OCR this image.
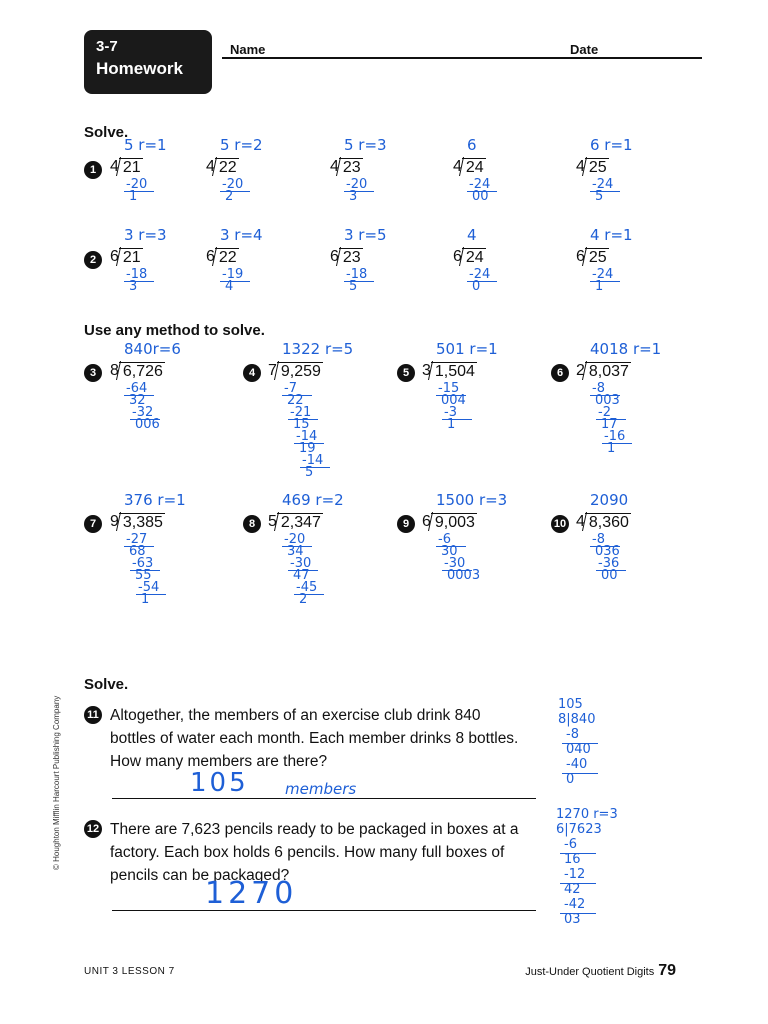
3-7
Homework
Name	Date
Solve.
1
2
5 r=1
4 21
-20
1
5 r=2
4 22
-20
2
5 r=3
4 23
-20
3
6
4 24
-24
00
6 r=1
4 25
-24
5
3 r=3
6 21
-18
3
3 r=4
6 22
-19
4
3 r=5
6 23
-18
5
4
6 24
-24
0
4 r=1
6 25
-24
1
Use any method to solve.
3
840r=6
8 6,726
-64
32
-32
006
4
1322 r=5
7 9,259
-7
22
-21
15
-14
19
-14
5
5
501 r=1
3 1,504
-15
004
-3
1
6
4018 r=1
2 8,037
-8
003
-2
17
-16
1
7
376 r=1
9 3,385
-27
68
-63
55
-54
1
8
469 r=2
5 2,347
-20
34
-30
47
-45
2
9
1500 r=3
6 9,003
-6
30
-30
0003
10
2090
4 8,360
-8
036
-36
00
Solve.
11 Altogether, the members of an exercise club drink 840 bottles of water each month. Each member drinks 8 bottles. How many members are there?
105 members
105
8|840
-8
040
-40
0
12 There are 7,623 pencils ready to be packaged in boxes at a factory. Each box holds 6 pencils. How many full boxes of pencils can be packaged?
1270
1270 r=3
6|7623
-6
16
-12
42
-42
03
© Houghton Mifflin Harcourt Publishing Company
UNIT 3 LESSON 7	Just-Under Quotient Digits 79
